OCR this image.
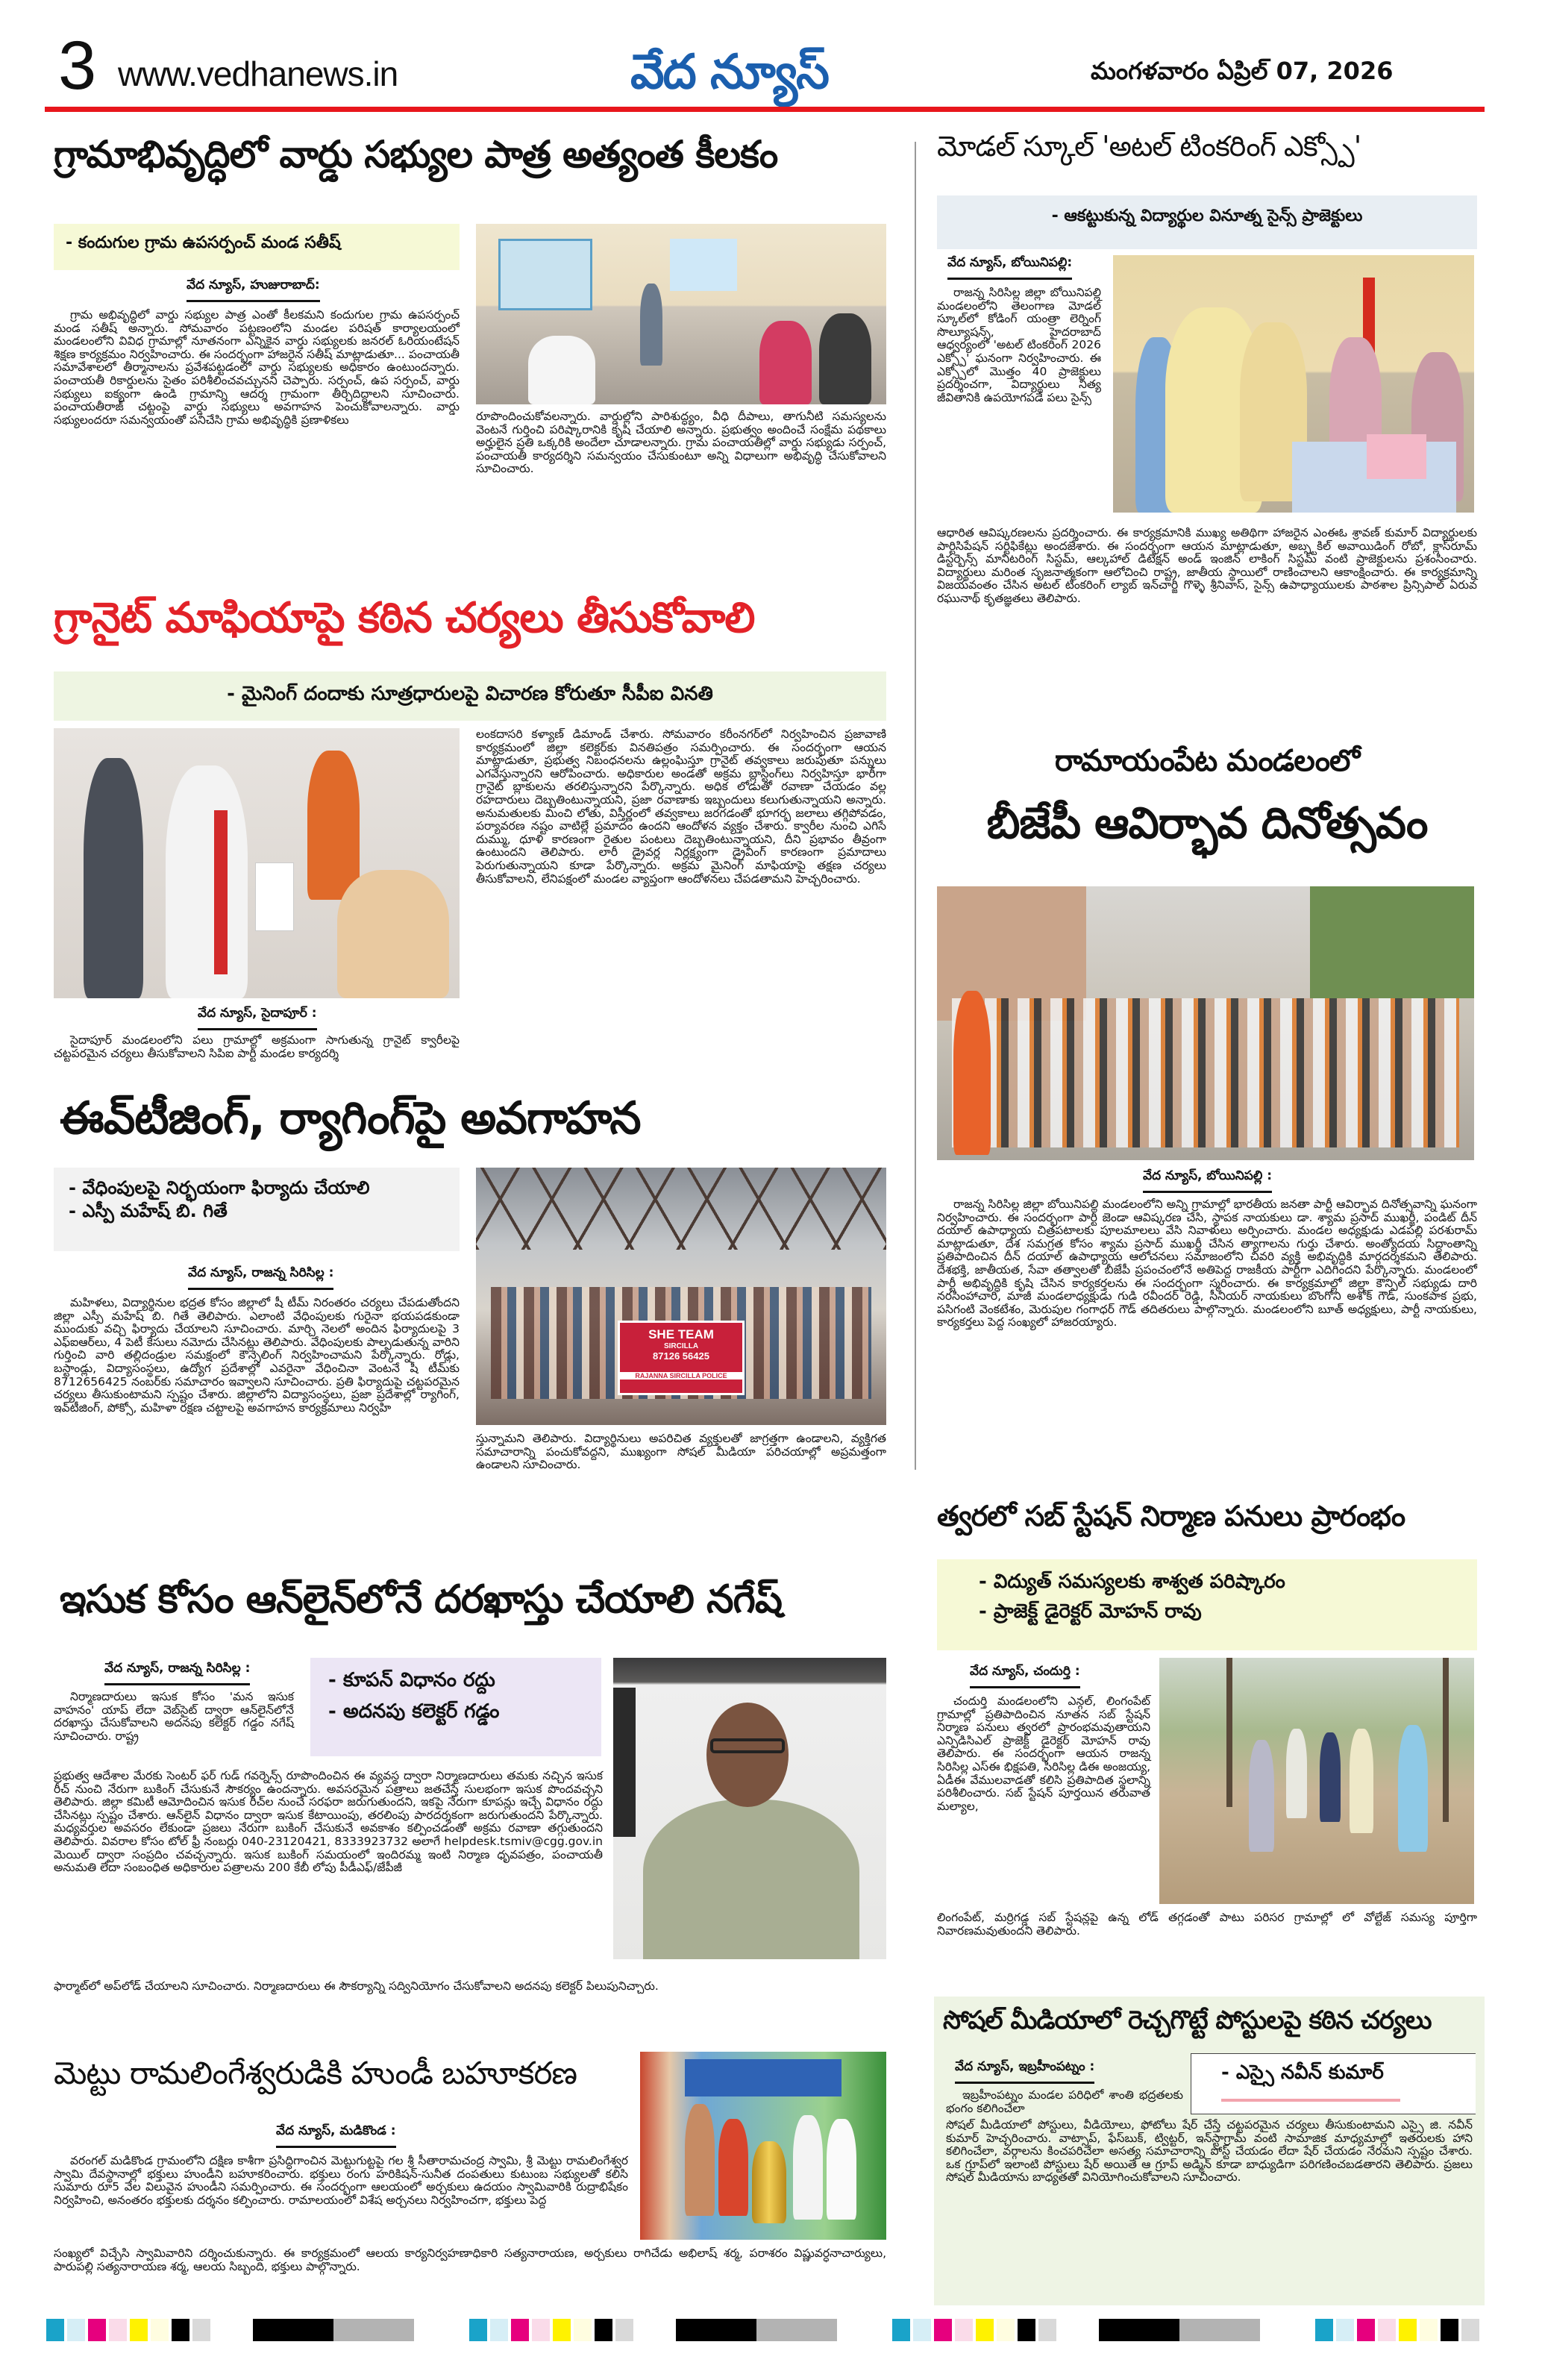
3 www.vedhanews.in	వేద న్యూస్	మంగళవారం ఏప్రిల్ 07, 2026
గ్రామాభివృద్ధిలో వార్డు సభ్యుల పాత్ర అత్యంత కీలకం
- కందుగుల గ్రామ ఉపసర్పంచ్ మండ సతీష్
వేద న్యూస్, హుజురాబాద్:
గ్రామ అభివృద్ధిలో వార్డు సభ్యుల పాత్ర ఎంతో కీలకమని కందుగుల గ్రామ ఉపసర్పంచ్ మండ సతీష్ అన్నారు. సోమవారం పట్టణంలోని మండల పరిషత్ కార్యాలయంలో మండలంలోని వివిధ గ్రామాల్లో నూతనంగా ఎన్నికైన వార్డు సభ్యులకు జనరల్ ఓరియంటేషన్ శిక్షణ కార్యక్రమం నిర్వహించారు. ఈ సందర్భంగా హాజరైన సతీష్ మాట్లాడుతూ... పంచాయతీ సమావేశాలలో తీర్మానాలను ప్రవేశపట్టడంలో వార్డు సభ్యులకు అధికారం ఉంటుందన్నారు. పంచాయతీ రికార్డులను సైతం పరిశీలించవచ్చునని చెప్పారు. సర్పంచ్, ఉప సర్పంచ్, వార్డు సభ్యులు ఐక్యంగా ఉండి గ్రామాన్ని ఆదర్శ గ్రామంగా తీర్చిదిద్దాలని సూచించారు. పంచాయతీరాజ్ చట్టంపై వార్డు సభ్యులు అవగాహన పెంచుకోవాలన్నారు. వార్డు సభ్యులందరూ సమన్వయంతో పనిచేసి గ్రామ అభివృద్ధికి ప్రణాళికలు	రూపొందించుకోవలన్నారు. వార్డుల్లోని పారిశుద్ధ్యం, వీధి దీపాలు, తాగునీటి సమస్యలను వెంటనే గుర్తించి పరిష్కారానికి కృషి చేయాలి అన్నారు. ప్రభుత్వం అందించే సంక్షేమ పథకాలు అర్హులైన ప్రతి ఒక్కరికి అందేలా చూడాలన్నారు. గ్రామ పంచాయతీల్లో వార్డు సభ్యుడు సర్పంచ్, పంచాయతీ కార్యదర్శిని సమన్వయం చేసుకుంటూ అన్ని విధాలుగా అభివృద్ధి చేసుకోవాలని సూచించారు.
గ్రానైట్ మాఫియాపై కఠిన చర్యలు తీసుకోవాలి
- మైనింగ్ దందాకు సూత్రధారులపై విచారణ కోరుతూ సీపీఐ వినతి
వేద న్యూస్, సైదాపూర్ :
సైదాపూర్ మండలంలోని పలు గ్రామాల్లో అక్రమంగా సాగుతున్న గ్రానైట్ క్వారీలపై చట్టపరమైన చర్యలు తీసుకోవాలని సిపిఐ పార్టీ మండల కార్యదర్శి
లంకదాసరి కళ్యాణ్ డిమాండ్ చేశారు. సోమవారం కరీంనగర్‌లో నిర్వహించిన ప్రజావాణి కార్యక్రమంలో జిల్లా కలెక్టర్‌కు వినతిపత్రం సమర్పించారు. ఈ సందర్భంగా ఆయన మాట్లాడుతూ, ప్రభుత్వ నిబంధనలను ఉల్లంఘిస్తూ గ్రానైట్ తవ్వకాలు జరుపుతూ పన్నులు ఎగవేస్తున్నారని ఆరోపించారు. అధికారుల అండతో అక్రమ బ్లాస్టింగ్‌లు నిర్వహిస్తూ భారీగా గ్రానైట్ బ్లాకులను తరలిస్తున్నారని పేర్కొన్నారు. అధిక లోడుతో రవాణా చేయడం వల్ల రహదారులు దెబ్బతింటున్నాయని, ప్రజా రవాణాకు ఇబ్బందులు కలుగుతున్నాయని అన్నారు. అనుమతులకు మించి లోతు, విస్తీర్ణంలో తవ్వకాలు జరగడంతో భూగర్భ జలాలు తగ్గిపోవడం, పర్యావరణ నష్టం వాటిల్లే ప్రమాదం ఉందని ఆందోళన వ్యక్తం చేశారు. క్వారీల నుంచి ఎగిసే దుమ్ము, ధూళి కారణంగా రైతుల పంటలు దెబ్బతింటున్నాయని, దీని ప్రభావం తీవ్రంగా ఉంటుందని తెలిపారు. లారీ డ్రైవర్ల నిర్లక్ష్యంగా డ్రైవింగ్ కారణంగా ప్రమాదాలు పెరుగుతున్నాయని కూడా పేర్కొన్నారు. అక్రమ మైనింగ్ మాఫియాపై తక్షణ చర్యలు తీసుకోవాలని, లేనిపక్షంలో మండల వ్యాప్తంగా ఆందోళనలు చేపడతామని హెచ్చరించారు.
ఈవ్‌టీజింగ్, ర్యాగింగ్‌పై అవగాహన
- వేధింపులపై నిర్భయంగా ఫిర్యాదు చేయాలి
- ఎస్పీ మహేష్ బి. గితే
SHE TEAM
SIRCILLA
87126 56425
RAJANNA SIRCILLA POLICE
వేద న్యూస్, రాజన్న సిరిసిల్ల :
మహిళలు, విద్యార్థినుల భద్రత కోసం జిల్లాలో షీ టీమ్ నిరంతరం చర్యలు చేపడుతోందని జిల్లా ఎస్పీ మహేష్ బి. గితే తెలిపారు. ఎలాంటి వేధింపులకు గురైనా భయపడకుండా ముందుకు వచ్చి ఫిర్యాదు చేయాలని సూచించారు. మార్చి నెలలో అందిన ఫిర్యాదులపై 3 ఎఫ్ఐఆర్‌లు, 4 పెటీ కేసులు నమోదు చేసినట్లు తెలిపారు. వేధింపులకు పాల్పడుతున్న వారిని గుర్తించి వారి తల్లిదండ్రుల సమక్షంలో కౌన్సెలింగ్ నిర్వహించామని పేర్కొన్నారు. రోడ్లు, బస్టాండ్లు, విద్యాసంస్థలు, ఉద్యోగ ప్రదేశాల్లో ఎవరైనా వేధించినా వెంటనే షీ టీమ్‌కు 8712656425 నంబర్‌కు సమాచారం ఇవ్వాలని సూచించారు. ప్రతి ఫిర్యాదుపై చట్టపరమైన చర్యలు తీసుకుంటామని స్పష్టం చేశారు. జిల్లాలోని విద్యాసంస్థలు, ప్రజా ప్రదేశాల్లో ర్యాగింగ్, ఇవ్‌టీజింగ్, పోక్సో, మహిళా రక్షణ చట్టాలపై అవగాహన కార్యక్రమాలు నిర్వహి
స్తున్నామని తెలిపారు. విద్యార్థినులు అపరిచిత వ్యక్తులతో జాగ్రత్తగా ఉండాలని, వ్యక్తిగత సమాచారాన్ని పంచుకోవద్దని, ముఖ్యంగా సోషల్ మీడియా పరిచయాల్లో అప్రమత్తంగా ఉండాలని సూచించారు.
ఇసుక కోసం ఆన్‌లైన్‌లోనే దరఖాస్తు చేయాలి నగేష్
వేద న్యూస్, రాజన్న సిరిసిల్ల :
- కూపన్ విధానం రద్దు
- అదనపు కలెక్టర్ గడ్డం
నిర్మాణదారులు ఇసుక కోసం 'మన ఇసుక వాహనం' యాప్ లేదా వెబ్‌సైట్ ద్వారా ఆన్‌లైన్‌లోనే దరఖాస్తు చేసుకోవాలని అదనపు కలెక్టర్ గడ్డం నగేష్ సూచించారు. రాష్ట్ర
ప్రభుత్వ ఆదేశాల మేరకు సెంటర్ ఫర్ గుడ్ గవర్నెన్స్ రూపొందించిన ఈ వ్యవస్థ ద్వారా నిర్మాణదారులు తమకు నచ్చిన ఇసుక రీచ్ నుంచి నేరుగా బుకింగ్ చేసుకునే సౌకర్యం ఉందన్నారు. అవసరమైన పత్రాలు జతచేస్తే సులభంగా ఇసుక పొందవచ్చని తెలిపారు. జిల్లా కమిటీ ఆమోదించిన ఇసుక రీచ్‌ల నుంచే సరఫరా జరుగుతుందని, ఇకపై నేరుగా కూపన్లు ఇచ్చే విధానం రద్దు చేసినట్లు స్పష్టం చేశారు. ఆన్‌లైన్ విధానం ద్వారా ఇసుక కేటాయింపు, తరలింపు పారదర్శకంగా జరుగుతుందని పేర్కొన్నారు. మధ్యవర్తుల అవసరం లేకుండా ప్రజలు నేరుగా బుకింగ్ చేసుకునే అవకాశం కల్పించడంతో అక్రమ రవాణా తగ్గుతుందని తెలిపారు. వివరాల కోసం టోల్ ఫ్రీ నంబర్లు 040-23120421, 8333923732 అలాగే helpdesk.tsmiv@cgg.gov.in మెయిల్ ద్వారా సంప్రదిం చవచ్చన్నారు. ఇసుక బుకింగ్ సమయంలో ఇందిరమ్మ ఇంటి నిర్మాణ ధృవపత్రం, పంచాయతీ అనుమతి లేదా సంబంధిత అధికారుల పత్రాలను 200 కేబీ లోపు పీడీఎఫ్/జేపీజీ
ఫార్మాట్‌లో అప్‌లోడ్ చేయాలని సూచించారు. నిర్మాణదారులు ఈ సౌకర్యాన్ని సద్వినియోగం చేసుకోవాలని అదనపు కలెక్టర్ పిలుపునిచ్చారు.
మెట్టు రామలింగేశ్వరుడికి హుండీ బహూకరణ
వేద న్యూస్, మడికొండ :
వరంగల్ మడికొండ గ్రామంలోని దక్షిణ కాశీగా ప్రసిద్ధిగాంచిన మెట్టుగుట్టపై గల శ్రీ సీతారామచంద్ర స్వామి, శ్రీ మెట్టు రామలింగేశ్వర స్వామి దేవస్థానాల్లో భక్తులు హుండీని బహూకరించారు. భక్తులు రంగు హరికిషన్-సునీత దంపతులు కుటుంబ సభ్యులతో కలిసి సుమారు రూ5 వేల విలువైన హుండీని సమర్పించారు. ఈ సందర్భంగా ఆలయంలో అర్చకులు ఉదయం స్వామివారికి రుద్రాభిషేకం నిర్వహించి, అనంతరం భక్తులకు దర్శనం కల్పించారు. రామాలయంలో విశేష అర్చనలు నిర్వహించగా, భక్తులు పెద్ద
సంఖ్యలో విచ్చేసి స్వామివారిని దర్శించుకున్నారు. ఈ కార్యక్రమంలో ఆలయ కార్యనిర్వహణాధికారి సత్యనారాయణ, అర్చకులు రాగిచేడు అభిలాష్ శర్మ, పరాశరం విష్ణువర్ధనాచార్యులు, పారుపల్లి సత్యనారాయణ శర్మ, ఆలయ సిబ్బంది, భక్తులు పాల్గొన్నారు.
మోడల్ స్కూల్ 'అటల్ టింకరింగ్ ఎక్స్పో'
- ఆకట్టుకున్న విద్యార్థుల వినూత్న సైన్స్ ప్రాజెక్టులు
వేద న్యూస్, బోయినిపల్లి:
రాజన్న సిరిసిల్ల జిల్లా బోయినిపల్లి మండలంలోని తెలంగాణ మోడల్ స్కూల్‌లో కోడింగ్ యంత్రా లెర్నింగ్ సొల్యూషన్స్, హైదరాబాద్ ఆధ్వర్యంలో 'అటల్ టింకరింగ్ 2026 ఎక్స్పో' ఘనంగా నిర్వహించారు. ఈ ఎక్స్పోలో మొత్తం 40 ప్రాజెక్టులు ప్రదర్శించగా, విద్యార్థులు నిత్య జీవితానికి ఉపయోగపడే పలు సైన్స్
ఆధారిత ఆవిష్కరణలను ప్రదర్శించారు. ఈ కార్యక్రమానికి ముఖ్య అతిథిగా హాజరైన ఎంఈఓ శ్రావణ్ కుమార్ విద్యార్థులకు పార్టిసిపేషన్ సర్టిఫికేట్లు అందజేశారు. ఈ సందర్భంగా ఆయన మాట్లాడుతూ, అబ్స్టకిల్ అవాయిడింగ్ రోబో, క్లాస్‌రూమ్ డిస్టర్బెన్స్ మానిటరింగ్ సిస్టమ్, ఆల్కహాల్ డిటెక్షన్ అండ్ ఇంజిన్ లాకింగ్ సిస్టమ్ వంటి ప్రాజెక్టులను ప్రశంసించారు. విద్యార్థులు మరింత సృజనాత్మకంగా ఆలోచించి రాష్ట్ర, జాతీయ స్థాయిలో రాణించాలని ఆకాంక్షించారు. ఈ కార్యక్రమాన్ని విజయవంతం చేసిన అటల్ టింకరింగ్ ల్యాబ్ ఇన్‌చార్జి గొళ్ళె శ్రీనివాస్, సైన్స్ ఉపాధ్యాయులకు పాఠశాల ప్రిన్సిపాల్ ఏరువ రఘునాథ్ కృతజ్ఞతలు తెలిపారు.
రామాయంపేట మండలంలో
బీజేపీ ఆవిర్భావ దినోత్సవం
వేద న్యూస్, బోయినిపల్లి :
రాజన్న సిరిసిల్ల జిల్లా బోయినిపల్లి మండలంలోని అన్ని గ్రామాల్లో భారతీయ జనతా పార్టీ ఆవిర్భావ దినోత్సవాన్ని ఘనంగా నిర్వహించారు. ఈ సందర్భంగా పార్టీ జెండా ఆవిష్కరణ చేసి, స్థాపక నాయకులు డా. శ్యామ ప్రసాద్ ముఖర్జీ, పండిట్ దీన్ దయాల్ ఉపాధ్యాయ చిత్రపటాలకు పూలమాలలు వేసి నివాళులు అర్పించారు. మండల అధ్యక్షుడు ఎడపల్లి పరశురామ్ మాట్లాడుతూ, దేశ సమగ్రత కోసం శ్యామ ప్రసాద్ ముఖర్జీ చేసిన త్యాగాలను గుర్తు చేశారు. అంత్యోదయ సిద్ధాంతాన్ని ప్రతిపాదించిన దీన్ దయాల్ ఉపాధ్యాయ ఆలోచనలు సమాజంలోని చివరి వ్యక్తి అభివృద్ధికి మార్గదర్శకమని తెలిపారు. దేశభక్తి, జాతీయత, సేవా తత్వాలతో బీజేపీ ప్రపంచంలోనే అతిపెద్ద రాజకీయ పార్టీగా ఎదిగిందని పేర్కొన్నారు. మండలంలో పార్టీ అభివృద్ధికి కృషి చేసిన కార్యకర్తలను ఈ సందర్భంగా స్మరించారు. ఈ కార్యక్రమాల్లో జిల్లా కౌన్సిల్ సభ్యుడు దారి నరసింహాచారి, మాజీ మండలాధ్యక్షుడు గుడి రవీందర్ రెడ్డి, సీనియర్ నాయకులు బొంగోని అశోక్ గౌడ్, సుంకపాక ప్రభు, పసిగంటి వెంకటేశం, మెరుపుల గంగాధర్ గౌడ్ తదితరులు పాల్గొన్నారు. మండలంలోని బూత్ అధ్యక్షులు, పార్టీ నాయకులు, కార్యకర్తలు పెద్ద సంఖ్యలో హాజరయ్యారు.
త్వరలో సబ్ స్టేషన్ నిర్మాణ పనులు ప్రారంభం
- విద్యుత్ సమస్యలకు శాశ్వత పరిష్కారం
- ప్రాజెక్ట్ డైరెక్టర్ మోహన్ రావు
వేద న్యూస్, చందుర్తి :
చందుర్తి మండలంలోని ఎన్గల్, లింగంపేట్ గ్రామాల్లో ప్రతిపాదించిన నూతన సబ్ స్టేషన్ నిర్మాణ పనులు త్వరలో ప్రారంభమవుతాయని ఎన్పిడిసిఎల్ ప్రాజెక్ట్ డైరెక్టర్ మోహన్ రావు తెలిపారు. ఈ సందర్భంగా ఆయన రాజన్న సిరిసిల్ల ఎస్ఈ భిక్షపతి, సిరిసిల్ల డిఈ అంజయ్య, ఏడీఈ వేములవాడతో కలిసి ప్రతిపాదిత స్థలాన్ని పరిశీలించారు. సబ్ స్టేషన్ పూర్తయిన తరువాత మల్యాల,
లింగంపేట్, మర్రిగడ్డ సబ్ స్టేషన్లపై ఉన్న లోడ్ తగ్గడంతో పాటు పరిసర గ్రామాల్లో లో వోల్టేజ్ సమస్య పూర్తిగా నివారణమవుతుందని తెలిపారు.
సోషల్ మీడియాలో రెచ్చగొట్టే పోస్టులపై కఠిన చర్యలు
వేద న్యూస్, ఇబ్రహీంపట్నం :	- ఎస్సై నవీన్ కుమార్
ఇబ్రహీంపట్నం మండల పరిధిలో శాంతి భద్రతలకు భంగం కలిగించేలా
సోషల్ మీడియాలో పోస్టులు, వీడియోలు, ఫోటోలు షేర్ చేస్తే చట్టపరమైన చర్యలు తీసుకుంటామని ఎస్సై జి. నవీన్ కుమార్ హెచ్చరించారు. వాట్సాప్, ఫేస్‌బుక్, ట్విట్టర్, ఇన్‌స్టాగ్రామ్ వంటి సామాజిక మాధ్యమాల్లో ఇతరులకు హాని కలిగించేలా, వర్గాలను కించపరిచేలా అసత్య సమాచారాన్ని పోస్ట్ చేయడం లేదా షేర్ చేయడం నేరమని స్పష్టం చేశారు. ఒక గ్రూప్‌లో ఇలాంటి పోస్టులు షేర్ అయితే ఆ గ్రూప్ అడ్మిన్ కూడా బాధ్యుడిగా పరిగణించబడతారని తెలిపారు. ప్రజలు సోషల్ మీడియాను బాధ్యతతో వినియోగించుకోవాలని సూచించారు.
